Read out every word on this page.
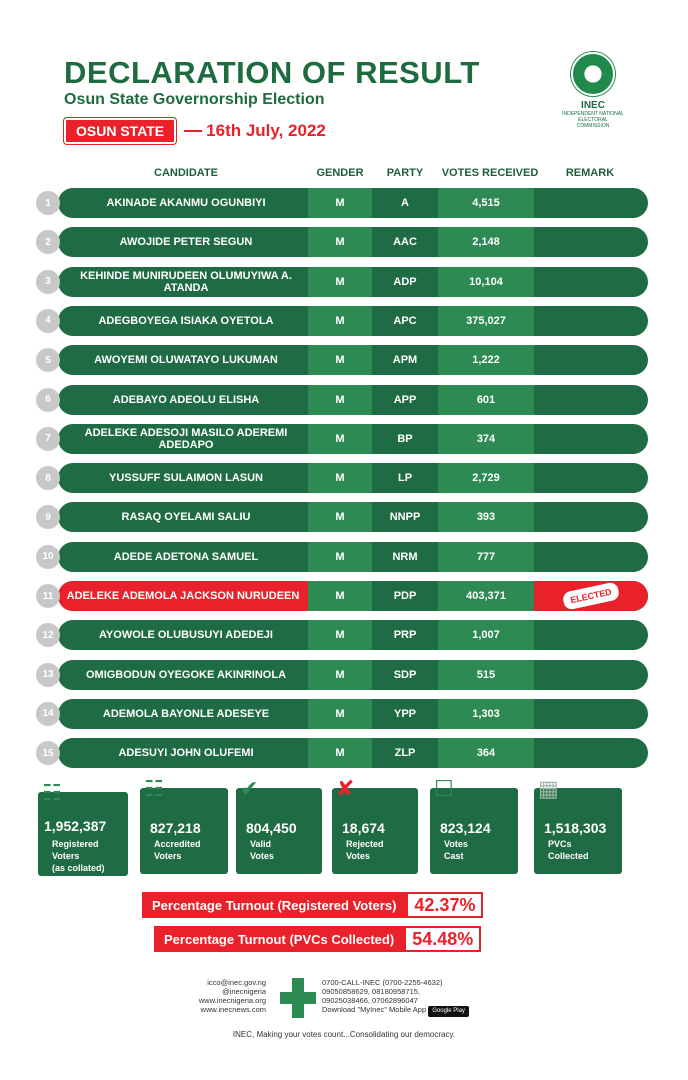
DECLARATION OF RESULT
Osun State Governorship Election
OSUN STATE	16th July, 2022
INEC
INDEPENDENT NATIONAL ELECTORAL COMMISSION
CANDIDATE	GENDER	PARTY	VOTES RECEIVED	REMARK
1	AKINADE AKANMU OGUNBIYI	M	A	4,515
2	AWOJIDE PETER SEGUN	M	AAC	2,148
3	KEHINDE MUNIRUDEEN OLUMUYIWA A. ATANDA	M	ADP	10,104
4	ADEGBOYEGA ISIAKA OYETOLA	M	APC	375,027
5	AWOYEMI OLUWATAYO LUKUMAN	M	APM	1,222
6	ADEBAYO ADEOLU ELISHA	M	APP	601
7	ADELEKE ADESOJI MASILO ADEREMI ADEDAPO	M	BP	374
8	YUSSUFF SULAIMON LASUN	M	LP	2,729
9	RASAQ OYELAMI SALIU	M	NNPP	393
10	ADEDE ADETONA SAMUEL	M	NRM	777
11	ADELEKE ADEMOLA JACKSON NURUDEEN	M	PDP	403,371	ELECTED
12	AYOWOLE OLUBUSUYI ADEDEJI	M	PRP	1,007
13	OMIGBODUN OYEGOKE AKINRINOLA	M	SDP	515
14	ADEMOLA BAYONLE ADESEYE	M	YPP	1,303
15	ADESUYI JOHN OLUFEMI	M	ZLP	364
☷
1,952,387
Registered
Voters
(as collated)
☷
827,218
Accredited
Voters
✔
804,450
Valid
Votes
✘
18,674
Rejected
Votes
☐
823,124
Votes
Cast
▦
1,518,303
PVCs
Collected
Percentage Turnout (Registered Voters)	42.37%
Percentage Turnout (PVCs Collected)	54.48%
icco@inec.gov.ng
@inecnigeria
www.inecnigeria.org
www.inecnews.com
0700-CALL-INEC (0700-2255-4632)
09050858629, 08180958715,
09025038466, 07062896047
Download "MyInec" Mobile App Google Play
INEC, Making your votes count...Consolidating our democracy.
